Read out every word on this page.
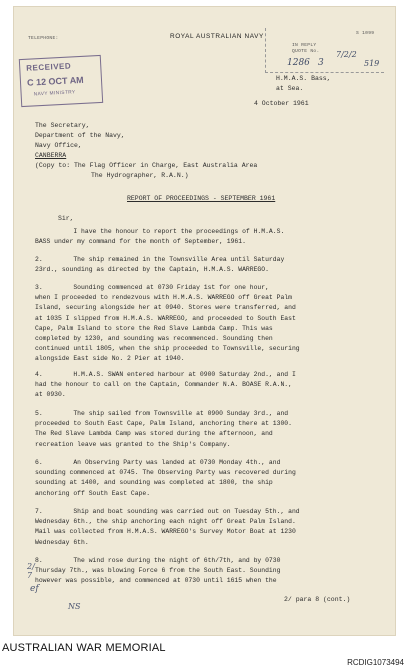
TELEPHONE:	ROYAL AUSTRALIAN NAVY	S 1099
IN REPLY
QUOTE No.
1286
7/2/2
3	519
RECEIVED
C 12 OCT AM
NAVY MINISTRY
H.M.A.S. Bass,
at Sea.
4 October 1961
The Secretary,
Department of the Navy,
Navy Office,
CANBERRA
(Copy to: The Flag Officer in Charge, East Australia Area
The Hydrographer, R.A.N.)
REPORT OF PROCEEDINGS - SEPTEMBER 1961
Sir,
I have the honour to report the proceedings of H.M.A.S.
BASS under my command for the month of September, 1961.
2.        The ship remained in the Townsville Area until Saturday
23rd., sounding as directed by the Captain, H.M.A.S. WARREGO.
3.        Sounding commenced at 0730 Friday 1st for one hour,
when I proceeded to rendezvous with H.M.A.S. WARREGO off Great Palm
Island, securing alongside her at 0940. Stores were transferred, and
at 1035 I slipped from H.M.A.S. WARREGO, and proceeded to South East
Cape, Palm Island to store the Red Slave Lambda Camp. This was
completed by 1230, and sounding was recommenced. Sounding then
continued until 1805, when the ship proceeded to Townsville, securing
alongside East side No. 2 Pier at 1940.
4.        H.M.A.S. SWAN entered harbour at 0900 Saturday 2nd., and I
had the honour to call on the Captain, Commander N.A. BOASE R.A.N.,
at 0930.
5.        The ship sailed from Townsville at 0900 Sunday 3rd., and
proceeded to South East Cape, Palm Island, anchoring there at 1300.
The Red Slave Lambda Camp was stored during the afternoon, and
recreation leave was granted to the Ship's Company.
6.        An Observing Party was landed at 0730 Monday 4th., and
sounding commenced at 0745. The Observing Party was recovered during
sounding at 1400, and sounding was completed at 1800, the ship
anchoring off South East Cape.
7.        Ship and boat sounding was carried out on Tuesday 5th., and
Wednesday 6th., the ship anchoring each night off Great Palm Island.
Mail was collected from H.M.A.S. WARREGO's Survey Motor Boat at 1230
Wednesday 6th.
8.        The wind rose during the night of 6th/7th, and by 0730
Thursday 7th., was blowing Force 6 from the South East. Sounding
however was possible, and commenced at 0730 until 1615 when the
2/ para 8 (cont.)
2/
7
ef
NS
AUSTRALIAN WAR MEMORIAL
RCDIG1073494
